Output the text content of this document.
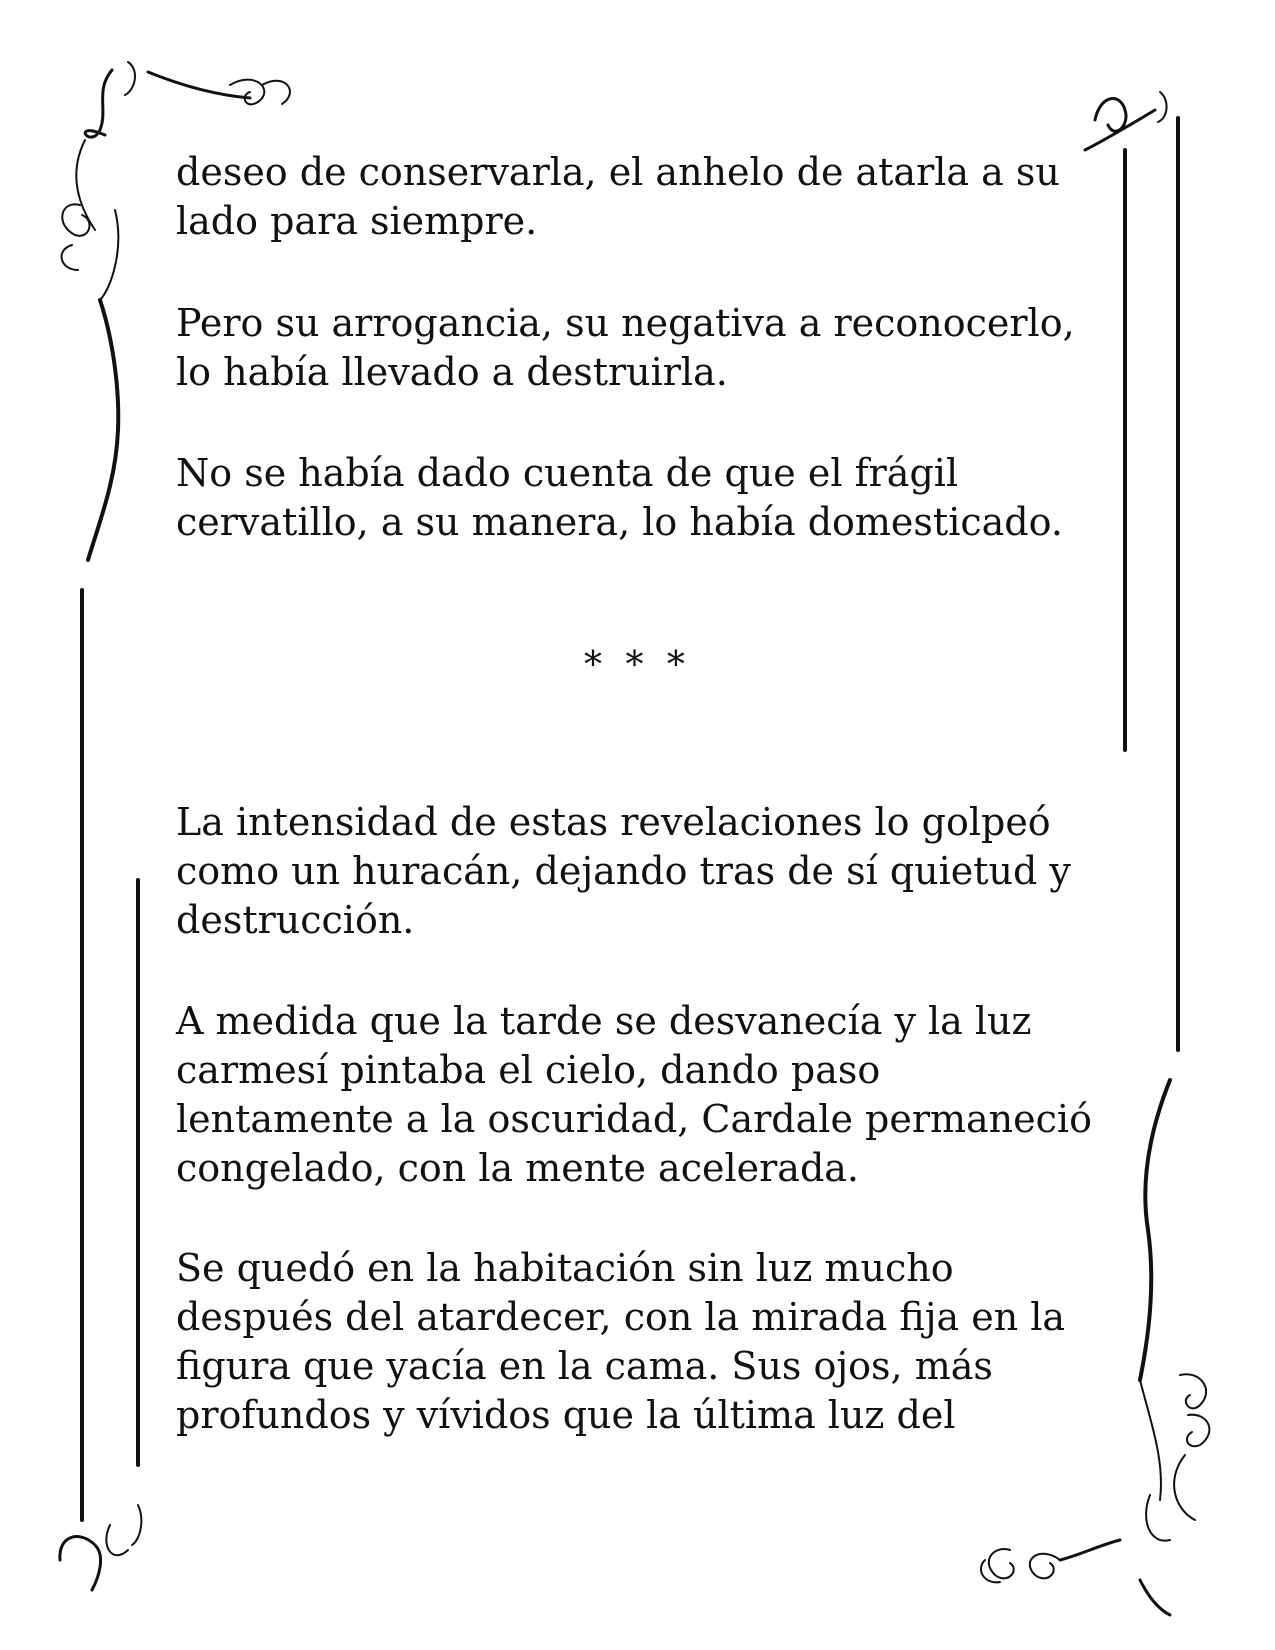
deseo de conservarla, el anhelo de atarla a su
lado para siempre.
Pero su arrogancia, su negativa a reconocerlo,
lo había llevado a destruirla.
No se había dado cuenta de que el frágil
cervatillo, a su manera, lo había domesticado.
* * *
La intensidad de estas revelaciones lo golpeó
como un huracán, dejando tras de sí quietud y
destrucción.
A medida que la tarde se desvanecía y la luz
carmesí pintaba el cielo, dando paso
lentamente a la oscuridad, Cardale permaneció
congelado, con la mente acelerada.
Se quedó en la habitación sin luz mucho
después del atardecer, con la mirada fija en la
figura que yacía en la cama. Sus ojos, más
profundos y vívidos que la última luz del
